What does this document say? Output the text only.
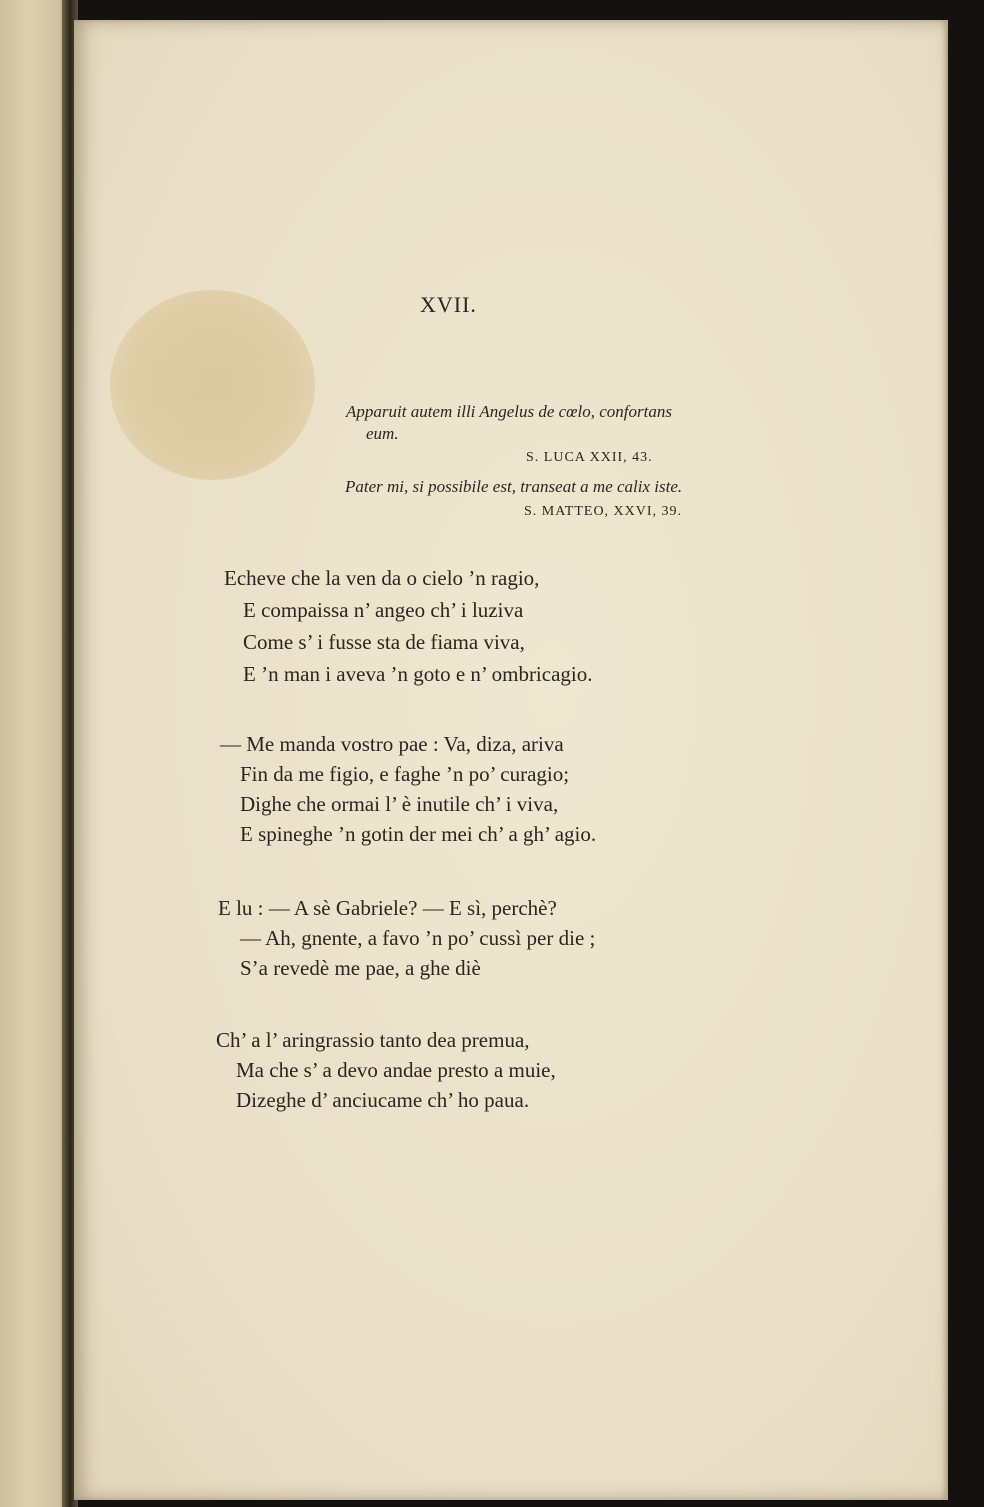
XVII.
Apparuit autem illi Angelus de cœlo, confortans
eum.
S. LUCA XXII, 43.
Pater mi, si possibile est, transeat a me calix iste.
S. MATTEO, XXVI, 39.
Echeve che la ven da o cielo ’n ragio,
E compaissa n’ angeo ch’ i luziva
Come s’ i fusse sta de fiama viva,
E ’n man i aveva ’n goto e n’ ombricagio.
— Me manda vostro pae : Va, diza, ariva
Fin da me figio, e faghe ’n po’ curagio;
Dighe che ormai l’ è inutile ch’ i viva,
E spineghe ’n gotin der mei ch’ a gh’ agio.
E lu : — A sè Gabriele? — E sì, perchè?
— Ah, gnente, a favo ’n po’ cussì per die ;
S’a revedè me pae, a ghe diè
Ch’ a l’ aringrassio tanto dea premua,
Ma che s’ a devo andae presto a muie,
Dizeghe d’ anciucame ch’ ho paua.
